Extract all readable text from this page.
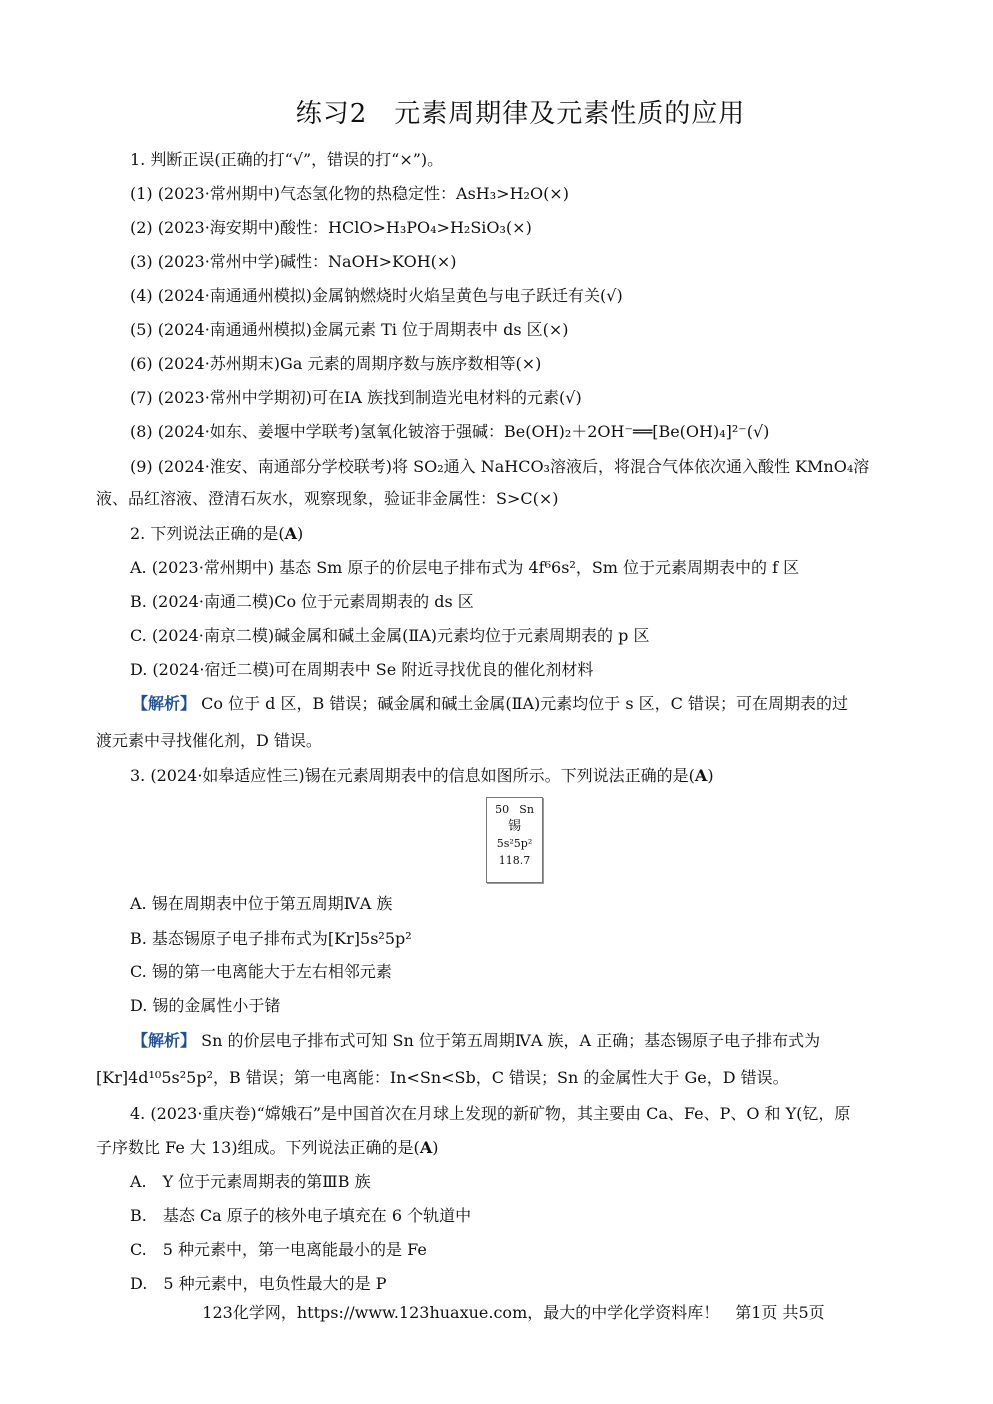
练习2　元素周期律及元素性质的应用
1. 判断正误(正确的打“√”，错误的打“×”)。
(1) (2023·常州期中)气态氢化物的热稳定性：AsH₃>H₂O(×)
(2) (2023·海安期中)酸性：HClO>H₃PO₄>H₂SiO₃(×)
(3) (2023·常州中学)碱性：NaOH>KOH(×)
(4) (2024·南通通州模拟)金属钠燃烧时火焰呈黄色与电子跃迁有关(√)
(5) (2024·南通通州模拟)金属元素 Ti 位于周期表中 ds 区(×)
(6) (2024·苏州期末)Ga 元素的周期序数与族序数相等(×)
(7) (2023·常州中学期初)可在ⅠA 族找到制造光电材料的元素(√)
(8) (2024·如东、姜堰中学联考)氢氧化铍溶于强碱：Be(OH)₂＋2OH⁻══[Be(OH)₄]²⁻(√)
(9) (2024·淮安、南通部分学校联考)将 SO₂通入 NaHCO₃溶液后，将混合气体依次通入酸性 KMnO₄溶
液、品红溶液、澄清石灰水，观察现象，验证非金属性：S>C(×)
2. 下列说法正确的是(A)
A. (2023·常州期中) 基态 Sm 原子的价层电子排布式为 4f⁶6s²，Sm 位于元素周期表中的 f 区
B. (2024·南通二模)Co 位于元素周期表的 ds 区
C. (2024·南京二模)碱金属和碱土金属(ⅡA)元素均位于元素周期表的 p 区
D. (2024·宿迁二模)可在周期表中 Se 附近寻找优良的催化剂材料
【解析】 Co 位于 d 区，B 错误；碱金属和碱土金属(ⅡA)元素均位于 s 区，C 错误；可在周期表的过
渡元素中寻找催化剂，D 错误。
3. (2024·如皋适应性三)锡在元素周期表中的信息如图所示。下列说法正确的是(A)
50 Sn
锡
5s²5p²
118.7
A. 锡在周期表中位于第五周期ⅣA 族
B. 基态锡原子电子排布式为[Kr]5s²5p²
C. 锡的第一电离能大于左右相邻元素
D. 锡的金属性小于锗
【解析】 Sn 的价层电子排布式可知 Sn 位于第五周期ⅣA 族，A 正确；基态锡原子电子排布式为
[Kr]4d¹⁰5s²5p²，B 错误；第一电离能：In<Sn<Sb，C 错误；Sn 的金属性大于 Ge，D 错误。
4. (2023·重庆卷)“嫦娥石”是中国首次在月球上发现的新矿物，其主要由 Ca、Fe、P、O 和 Y(钇，原
子序数比 Fe 大 13)组成。下列说法正确的是(A)
A.　Y 位于元素周期表的第ⅢB 族
B.　基态 Ca 原子的核外电子填充在 6 个轨道中
C.　5 种元素中，第一电离能最小的是 Fe
D.　5 种元素中，电负性最大的是 P
123化学网，https://www.123huaxue.com，最大的中学化学资料库！　第1页 共5页
